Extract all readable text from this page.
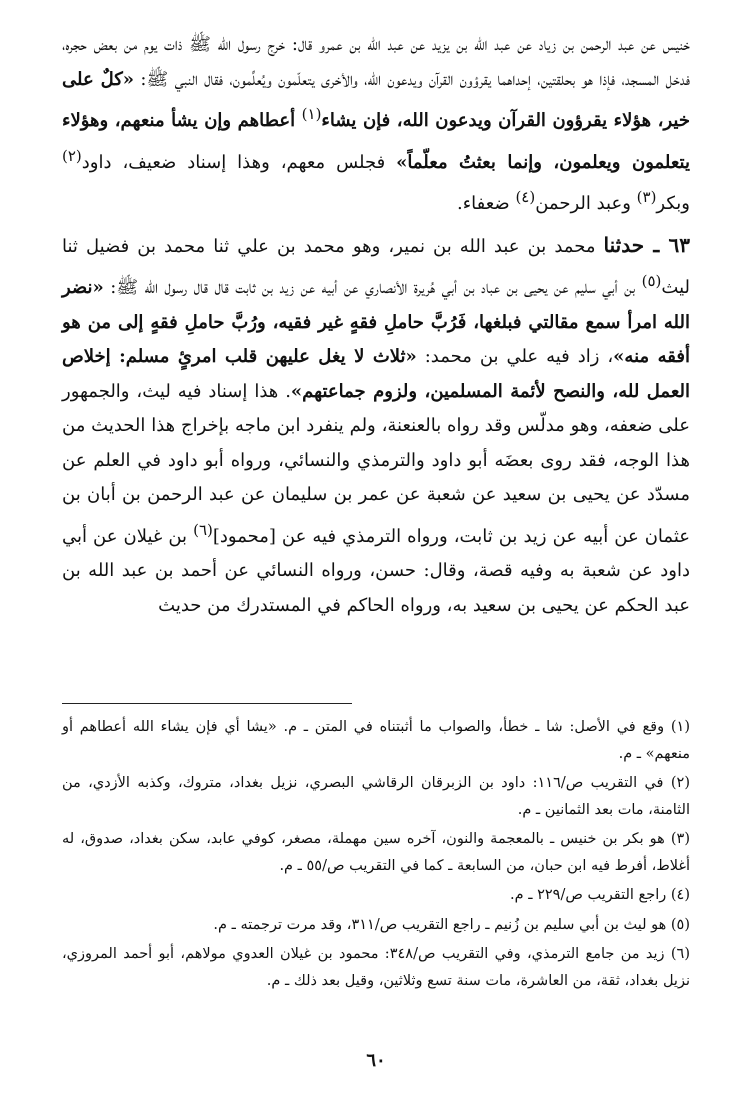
خنيس عن عبد الرحمن بن زياد عن عبد الله بن يزيد عن عبد الله بن عمرو قال: خرج رسول الله ﷺ ذات يوم من بعض حجره، فدخل المسجد، فإذا هو بحلقتين، إحداهما يقرؤون القرآن ويدعون الله، والأخرى يتعلّمون ويُعلِّمون، فقال النبي ﷺ: «كلٌ على خير، هؤلاء يقرؤون القرآن ويدعون الله، فإن يشاء$^{(١)}$ أعطاهم وإن يشأ منعهم، وهؤلاء يتعلمون ويعلمون، وإنما بعثتُ معلّماً» فجلس معهم، وهذا إسناد ضعيف، داود$^{(٢)}$ وبكر$^{(٣)}$ وعبد الرحمن$^{(٤)}$ ضعفاء.

٦٣ ـ حدثنا محمد بن عبد الله بن نمير، وهو محمد بن علي ثنا محمد بن فضيل ثنا ليث$^{(٥)}$ بن أبي سليم عن يحيى بن عباد بن أبي هُريرة الأنصاري عن أبيه عن زيد بن ثابت قال قال رسول الله ﷺ: «نضر الله امرأ سمع مقالتي فبلغها، فَرُبَّ حاملِ فقهٍ غير فقيه، ورُبَّ حاملِ فقهٍ إلى من هو أفقه منه»، زاد فيه علي بن محمد: «ثلاث لا يغل عليهن قلب امرئٍ مسلم: إخلاص العمل لله، والنصح لأئمة المسلمين، ولزوم جماعتهم». هذا إسناد فيه ليث، والجمهور على ضعفه، وهو مدلّس وقد رواه بالعنعنة، ولم ينفرد ابن ماجه بإخراج هذا الحديث من هذا الوجه، فقد روى بعضَه أبو داود والترمذي والنسائي، ورواه أبو داود في العلم عن مسدّد عن يحيى بن سعيد عن شعبة عن عمر بن سليمان عن عبد الرحمن بن أبان بن عثمان عن أبيه عن زيد بن ثابت، ورواه الترمذي فيه عن [محمود]$^{(٦)}$ بن غيلان عن أبي داود عن شعبة به وفيه قصة، وقال: حسن، ورواه النسائي عن أحمد بن عبد الله بن عبد الحكم عن يحيى بن سعيد به، ورواه الحاكم في المستدرك من حديث

(١) وقع في الأصل: شا ـ خطأ، والصواب ما أثبتناه في المتن ـ م. «يشا أي فإن يشاء الله أعطاهم أو منعهم» ـ م.

(٢) في التقريب ص/١١٦: داود بن الزبرقان الرقاشي البصري، نزيل بغداد، متروك، وكذبه الأزدي، من الثامنة، مات بعد الثمانين ـ م.

(٣) هو بكر بن خنيس ـ بالمعجمة والنون، آخره سين مهملة، مصغر، كوفي عابد، سكن بغداد، صدوق، له أغلاط، أفرط فيه ابن حبان، من السابعة ـ كما في التقريب ص/٥٥ ـ م.

(٤) راجع التقريب ص/٢٢٩ ـ م.

(٥) هو ليث بن أبي سليم بن زُنيم ـ راجع التقريب ص/٣١١، وقد مرت ترجمته ـ م.

(٦) زيد من جامع الترمذي، وفي التقريب ص/٣٤٨: محمود بن غيلان العدوي مولاهم، أبو أحمد المروزي، نزيل بغداد، ثقة، من العاشرة، مات سنة تسع وثلاثين، وقيل بعد ذلك ـ م.

٦٠
